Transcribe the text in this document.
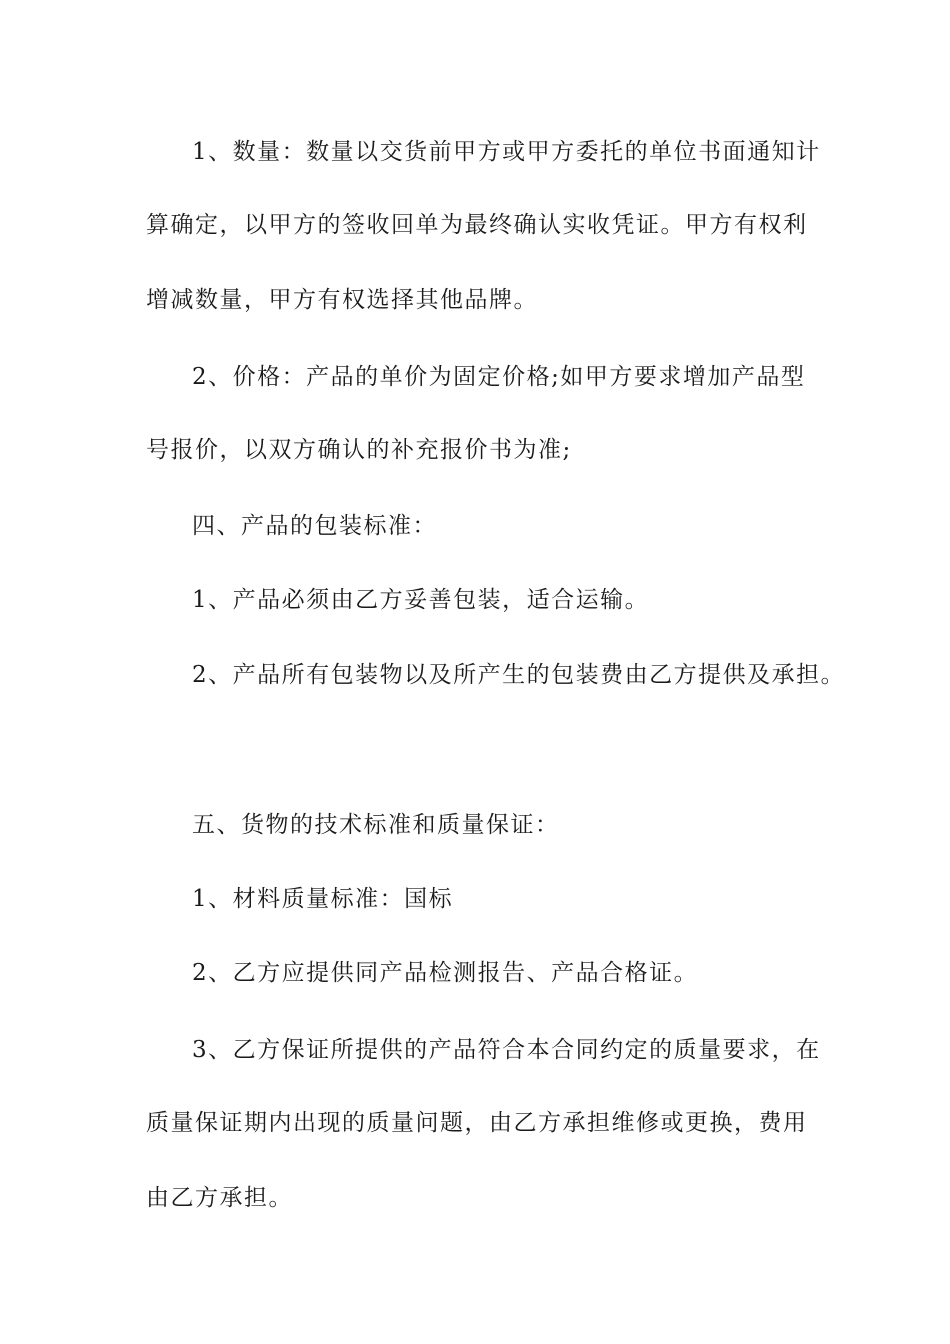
1、数量：数量以交货前甲方或甲方委托的单位书面通知计
算确定，以甲方的签收回单为最终确认实收凭证。甲方有权利
增减数量，甲方有权选择其他品牌。
2、价格：产品的单价为固定价格;如甲方要求增加产品型
号报价，以双方确认的补充报价书为准;
四、产品的包装标准：
1、产品必须由乙方妥善包装，适合运输。
2、产品所有包装物以及所产生的包装费由乙方提供及承担。
五、货物的技术标准和质量保证：
1、材料质量标准：国标
2、乙方应提供同产品检测报告、产品合格证。
3、乙方保证所提供的产品符合本合同约定的质量要求，在
质量保证期内出现的质量问题，由乙方承担维修或更换，费用
由乙方承担。
